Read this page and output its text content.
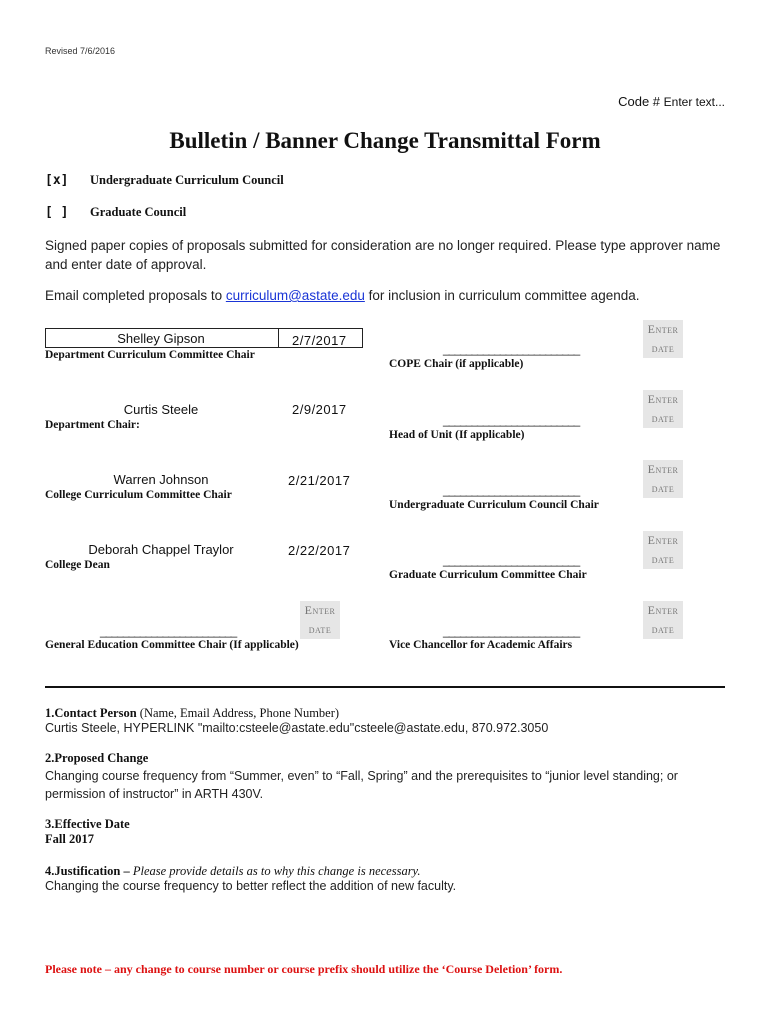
Revised 7/6/2016
Code # Enter text...
Bulletin / Banner Change Transmittal Form
[x] Undergraduate Curriculum Council
[ ] Graduate Council
Signed paper copies of proposals submitted for consideration are no longer required. Please type approver name and enter date of approval.
Email completed proposals to curriculum@astate.edu for inclusion in curriculum committee agenda.
Shelley Gipson	2/7/2017
Department Curriculum Committee Chair
Curtis Steele	2/9/2017
Department Chair:
Warren Johnson	2/21/2017
College Curriculum Committee Chair
Deborah Chappel Traylor	2/22/2017
College Dean
________________________
Enter date
General Education Committee Chair (If applicable)
________________________
Enter date
COPE Chair (if applicable)
________________________
Enter date
Head of Unit (If applicable)
________________________
Enter date
Undergraduate Curriculum Council Chair
________________________
Enter date
Graduate Curriculum Committee Chair
________________________
Enter date
Vice Chancellor for Academic Affairs
1.Contact Person (Name, Email Address, Phone Number)
Curtis Steele, HYPERLINK "mailto:csteele@astate.edu"csteele@astate.edu, 870.972.3050
2.Proposed Change
Changing course frequency from “Summer, even” to “Fall, Spring” and the prerequisites to “junior level standing; or permission of instructor” in ARTH 430V.
3.Effective Date
Fall 2017
4.Justification – Please provide details as to why this change is necessary.
Changing the course frequency to better reflect the addition of new faculty.
Please note – any change to course number or course prefix should utilize the ‘Course Deletion’ form.
